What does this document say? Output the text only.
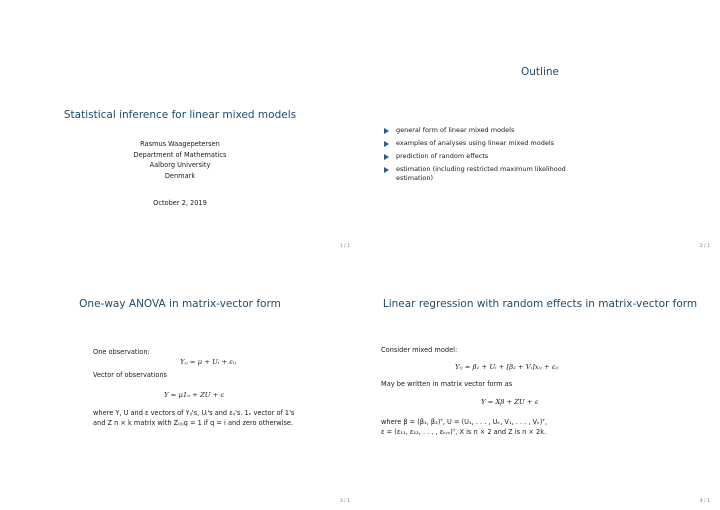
Statistical inference for linear mixed models
Rasmus Waagepetersen
Department of Mathematics
Aalborg University
Denmark
October 2, 2019
1 / 1
Outline
general form of linear mixed models
examples of analyses using linear mixed models
prediction of random effects
estimation (including restricted maximum likelihood estimation)
2 / 1
One-way ANOVA in matrix-vector form
One observation:
Yᵢⱼ = μ + Uᵢ + εᵢⱼ
Vector of observations
Y = μ1ₙ + ZU + ε
where Y, U and ε vectors of Yᵢⱼ's, Uᵢ's and εᵢⱼ's. 1ₙ vector of 1's
and Z n × k matrix with Z₍ᵢⱼ₎q = 1 if q = i and zero otherwise.
3 / 1
Linear regression with random effects in matrix-vector form
Consider mixed model:
Yᵢⱼ = β₁ + Uᵢ + [β₂ + Vᵢ]xᵢⱼ + εᵢⱼ
May be written in matrix vector form as
Y = Xβ + ZU + ε
where β = (β₁, β₂)ᵀ, U = (U₁, . . . , Uₖ, V₁, . . . , Vₖ)ᵀ,
ε = (ε₁₁, ε₁₂, . . . , εₖₘ)ᵀ, X is n × 2 and Z is n × 2k.
4 / 1
